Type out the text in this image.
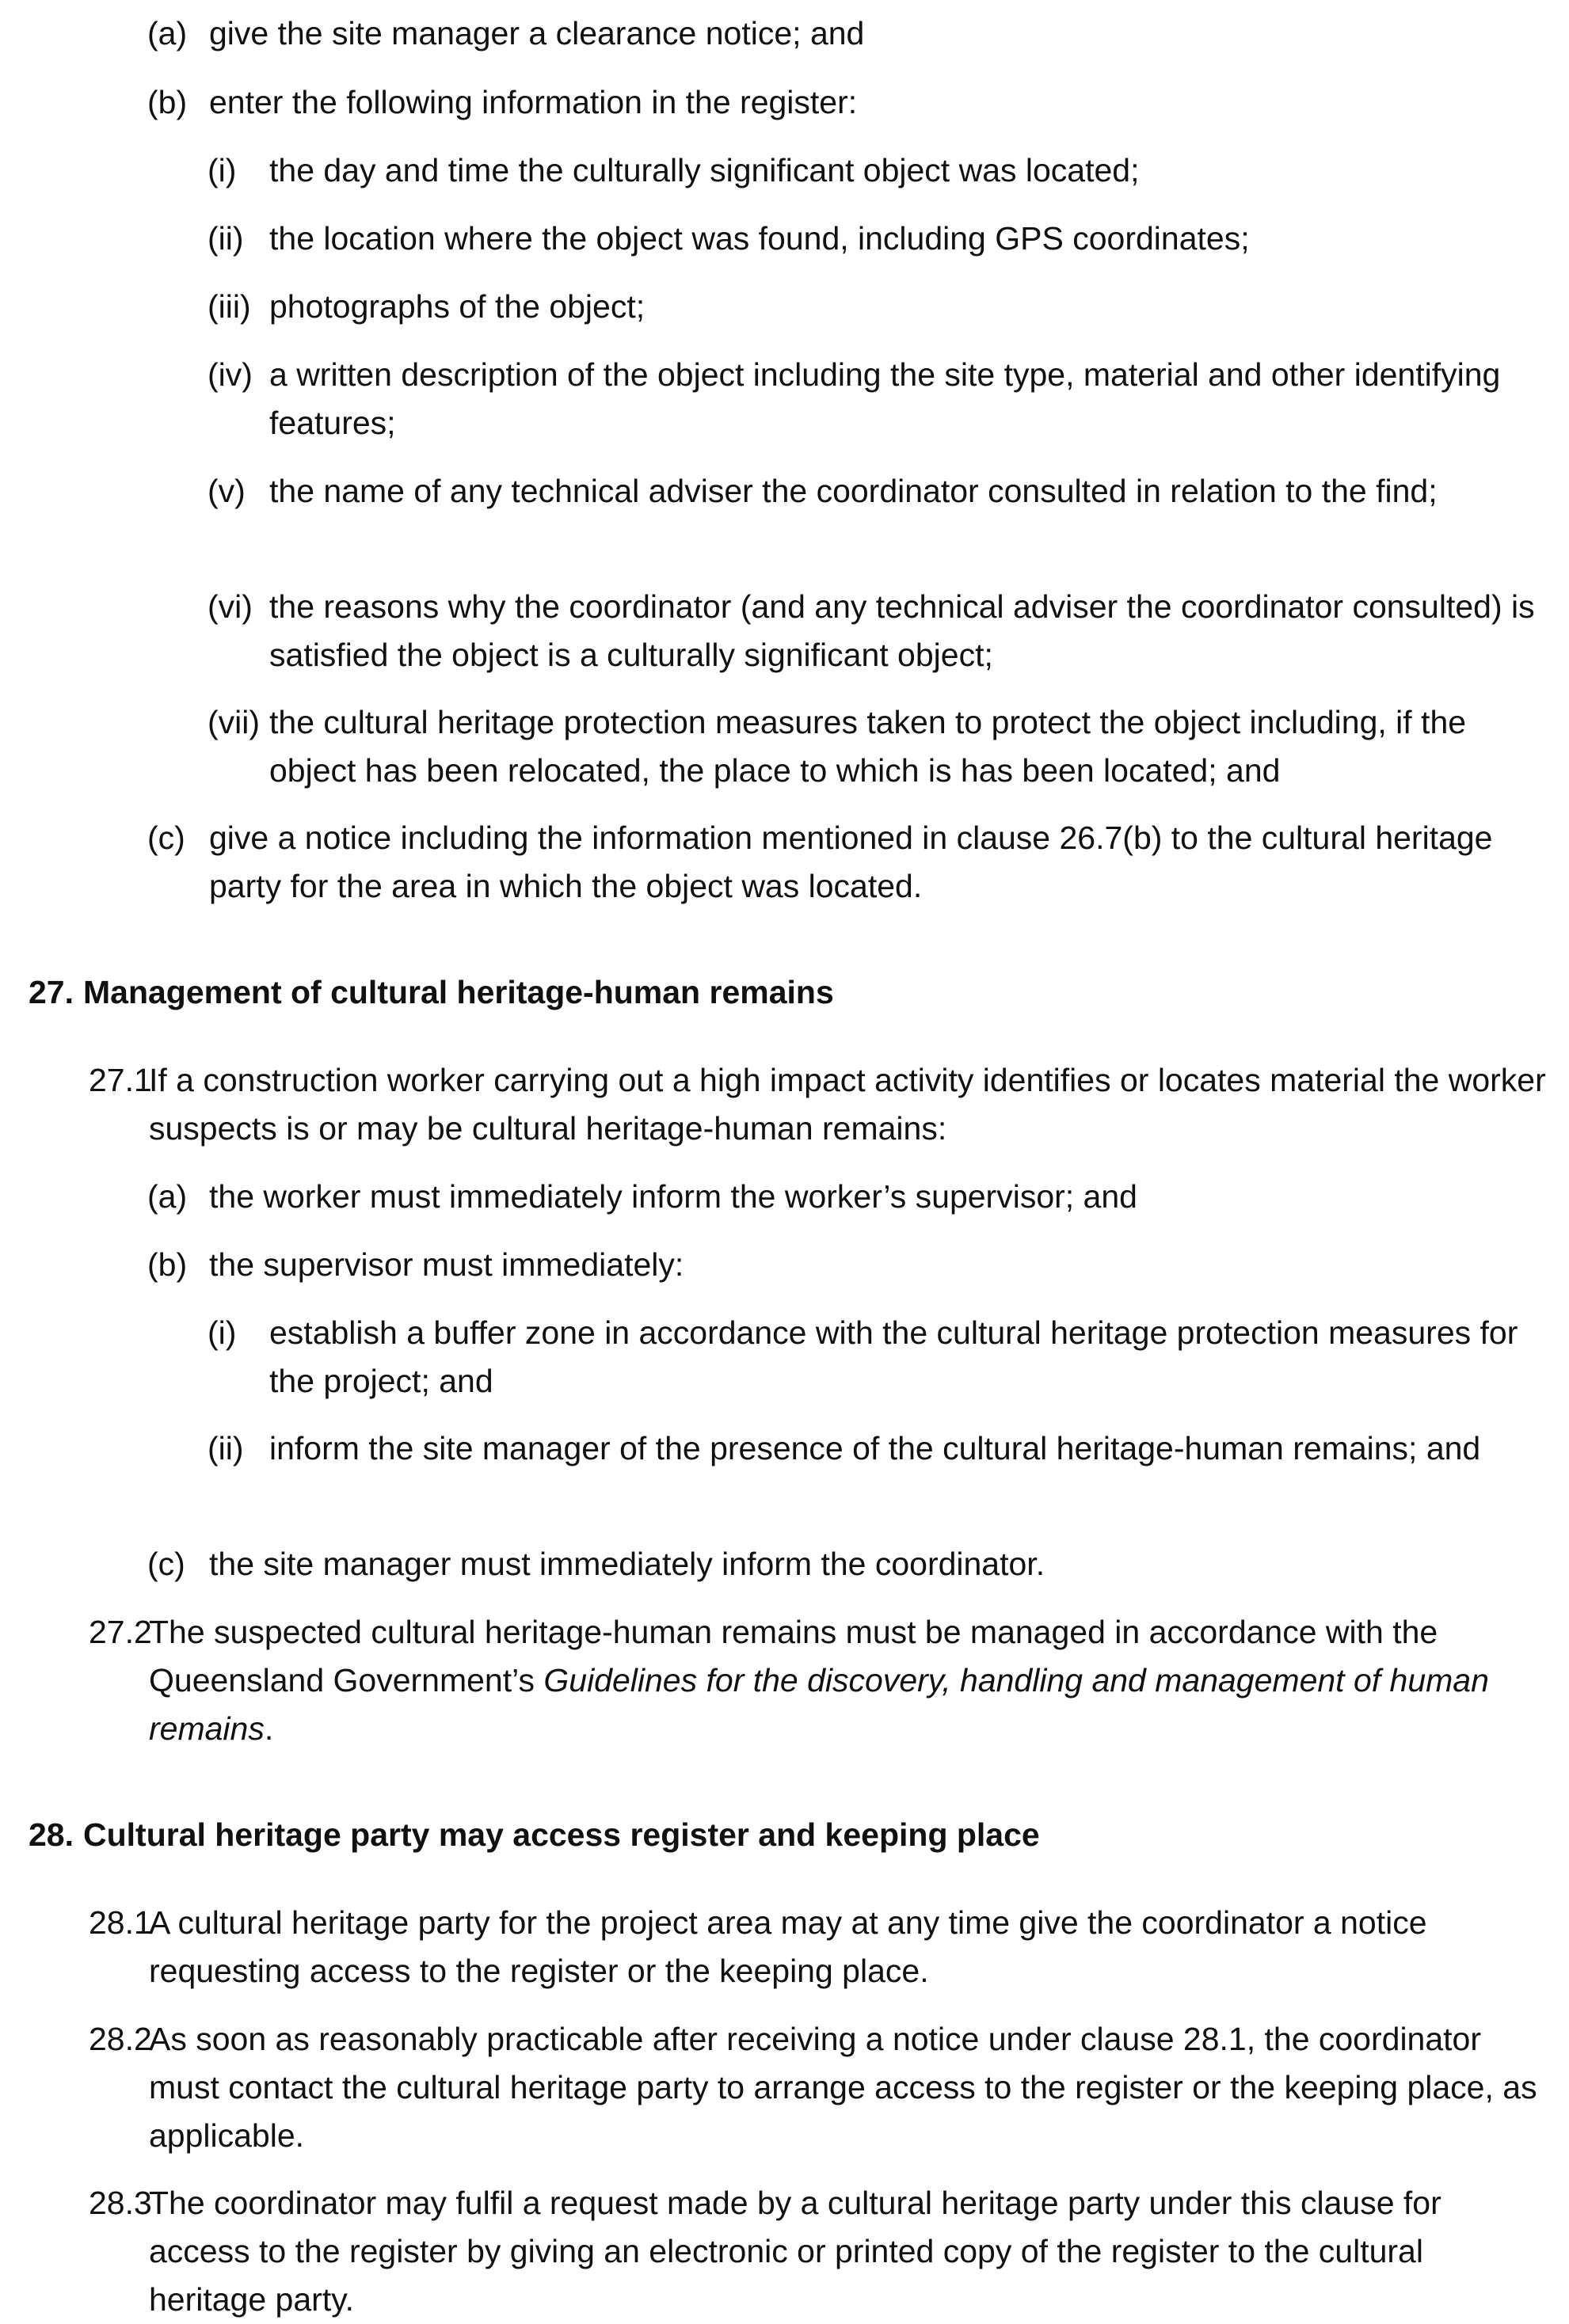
(a) give the site manager a clearance notice; and
(b) enter the following information in the register:
(i)	the day and time the culturally significant object was located;
(ii) the location where the object was found, including GPS coordinates;
(iii) photographs of the object;
(iv) a written description of the object including the site type, material and other identifying features;
(v) the name of any technical adviser the coordinator consulted in relation to the find;
(vi) the reasons why the coordinator (and any technical adviser the coordinator consulted) is satisfied the object is a culturally significant object;
(vii) the cultural heritage protection measures taken to protect the object including, if the object has been relocated, the place to which is has been located; and
(c) give a notice including the information mentioned in clause 26.7(b) to the cultural heritage party for the area in which the object was located.
27. Management of cultural heritage-human remains
27.1
If a construction worker carrying out a high impact activity identifies or locates material the worker suspects is or may be cultural heritage-human remains:
(a) the worker must immediately inform the worker’s supervisor; and
(b) the supervisor must immediately:
(i)	establish a buffer zone in accordance with the cultural heritage protection measures for the project; and
(ii) inform the site manager of the presence of the cultural heritage-human remains; and
(c) the site manager must immediately inform the coordinator.
27.2
The suspected cultural heritage-human remains must be managed in accordance with the Queensland Government’s Guidelines for the discovery, handling and management of human remains.
28. Cultural heritage party may access register and keeping place
28.1
A cultural heritage party for the project area may at any time give the coordinator a notice requesting access to the register or the keeping place.
28.2
As soon as reasonably practicable after receiving a notice under clause 28.1, the coordinator must contact the cultural heritage party to arrange access to the register or the keeping place, as applicable.
28.3
The coordinator may fulfil a request made by a cultural heritage party under this clause for access to the register by giving an electronic or printed copy of the register to the cultural heritage party.
